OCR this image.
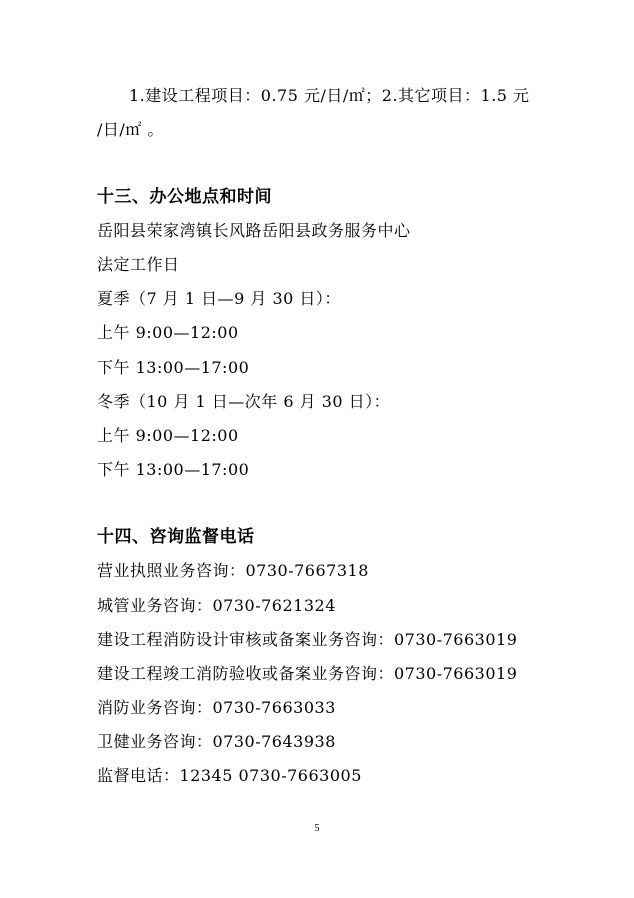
1.建设工程项目：0.75 元/日/㎡；2.其它项目：1.5 元
/日/㎡ 。
十三、办公地点和时间
岳阳县荣家湾镇长风路岳阳县政务服务中心
法定工作日
夏季（7 月 1 日—9 月 30 日）：
上午 9:00—12:00
下午 13:00—17:00
冬季（10 月 1 日—次年 6 月 30 日）：
上午 9:00—12:00
下午 13:00—17:00
十四、咨询监督电话
营业执照业务咨询：0730-7667318
城管业务咨询：0730-7621324
建设工程消防设计审核或备案业务咨询：0730-7663019
建设工程竣工消防验收或备案业务咨询：0730-7663019
消防业务咨询：0730-7663033
卫健业务咨询：0730-7643938
监督电话：12345 0730-7663005
5
